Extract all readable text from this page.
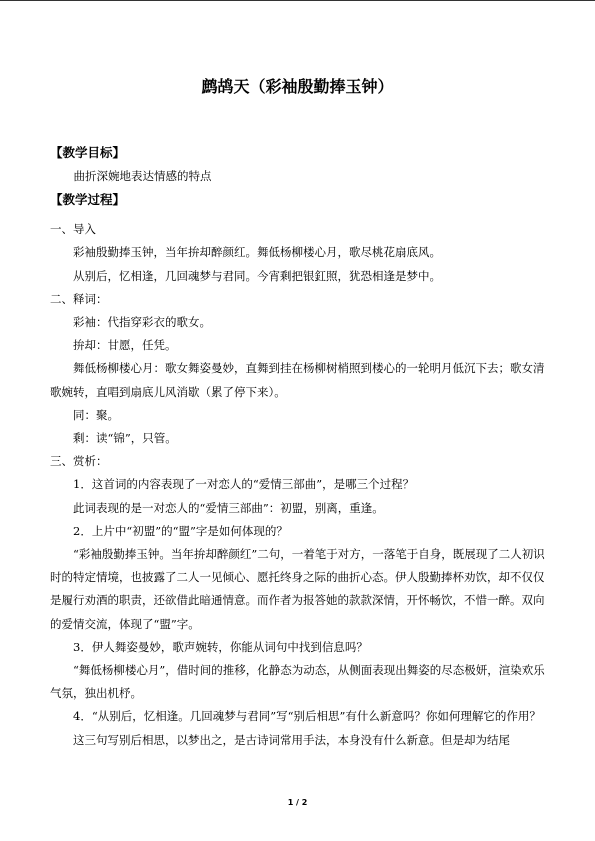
鹧鸪天（彩袖殷勤捧玉钟）

【教学目标】

曲折深婉地表达情感的特点

【教学过程】

一、导入

彩袖殷勤捧玉钟，当年拚却醉颜红。舞低杨柳楼心月，歌尽桃花扇底风。

从别后，忆相逢，几回魂梦与君同。今宵剩把银釭照，犹恐相逢是梦中。

二、释词：

彩袖：代指穿彩衣的歌女。

拚却：甘愿，任凭。

舞低杨柳楼心月：歌女舞姿曼妙，直舞到挂在杨柳树梢照到楼心的一轮明月低沉下去；歌女清歌婉转，直唱到扇底儿风消歇（累了停下来）。

同：聚。

剩：读“锦”，只管。

三、赏析：

1．这首词的内容表现了一对恋人的“爱情三部曲”，是哪三个过程？

此词表现的是一对恋人的“爱情三部曲”：初盟，别离，重逢。

2．上片中“初盟”的“盟”字是如何体现的？

“彩袖殷勤捧玉钟。当年拚却醉颜红”二句，一着笔于对方，一落笔于自身，既展现了二人初识时的特定情境，也披露了二人一见倾心、愿托终身之际的曲折心态。伊人殷勤捧杯劝饮，却不仅仅是履行劝酒的职责，还欲借此暗通情意。而作者为报答她的款款深情，开怀畅饮，不惜一醉。双向的爱情交流，体现了“盟”字。

3．伊人舞姿曼妙，歌声婉转，你能从词句中找到信息吗？

“舞低杨柳楼心月”，借时间的推移，化静态为动态，从侧面表现出舞姿的尽态极妍，渲染欢乐气氛，独出机杼。

4．“从别后，忆相逢。几回魂梦与君同”写“别后相思”有什么新意吗？你如何理解它的作用？

这三句写别后相思，以梦出之，是古诗词常用手法，本身没有什么新意。但是却为结尾

1 / 2
